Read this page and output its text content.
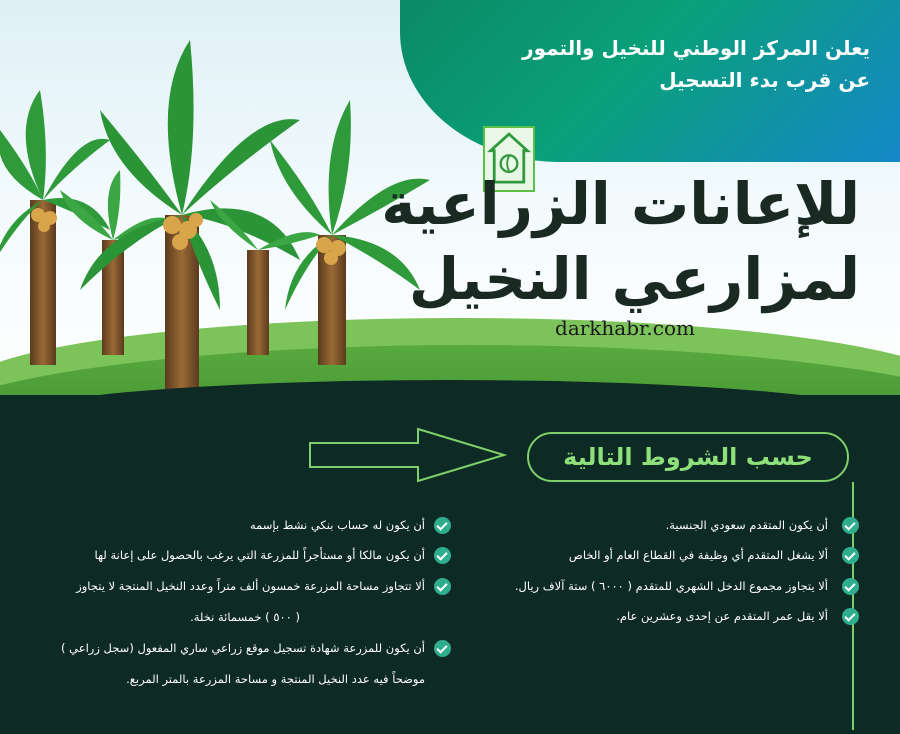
يعلن المركز الوطني للنخيل والتمور
عن قرب بدء التسجيل
للإعانات الزراعية
لمزارعي النخيل
darkhabr.com
حسب الشروط التالية
أن يكون المتقدم سعودي الجنسية.
ألا يشغل المتقدم أي وظيفة في القطاع العام أو الخاص
ألا يتجاوز مجموع الدخل الشهري للمتقدم ( ٦٠٠٠ ) ستة آلاف ريال.
ألا يقل عمر المتقدم عن إحدى وعشرين عام.
أن يكون له حساب بنكي نشط بإسمه
أن يكون مالكا أو مستأجراً للمزرعة التي يرغب بالحصول على إعانة لها
ألا تتجاوز مساحة المزرعة خمسون ألف متراً وعدد النخيل المنتجة لا يتجاوز
( ٥٠٠ ) خمسمائة نخلة.
أن يكون للمزرعة شهادة تسجيل موقع زراعي ساري المفعول (سجل زراعي )
موضحاً فيه عدد النخيل المنتجة و مساحة المزرعة بالمتر المربع.
